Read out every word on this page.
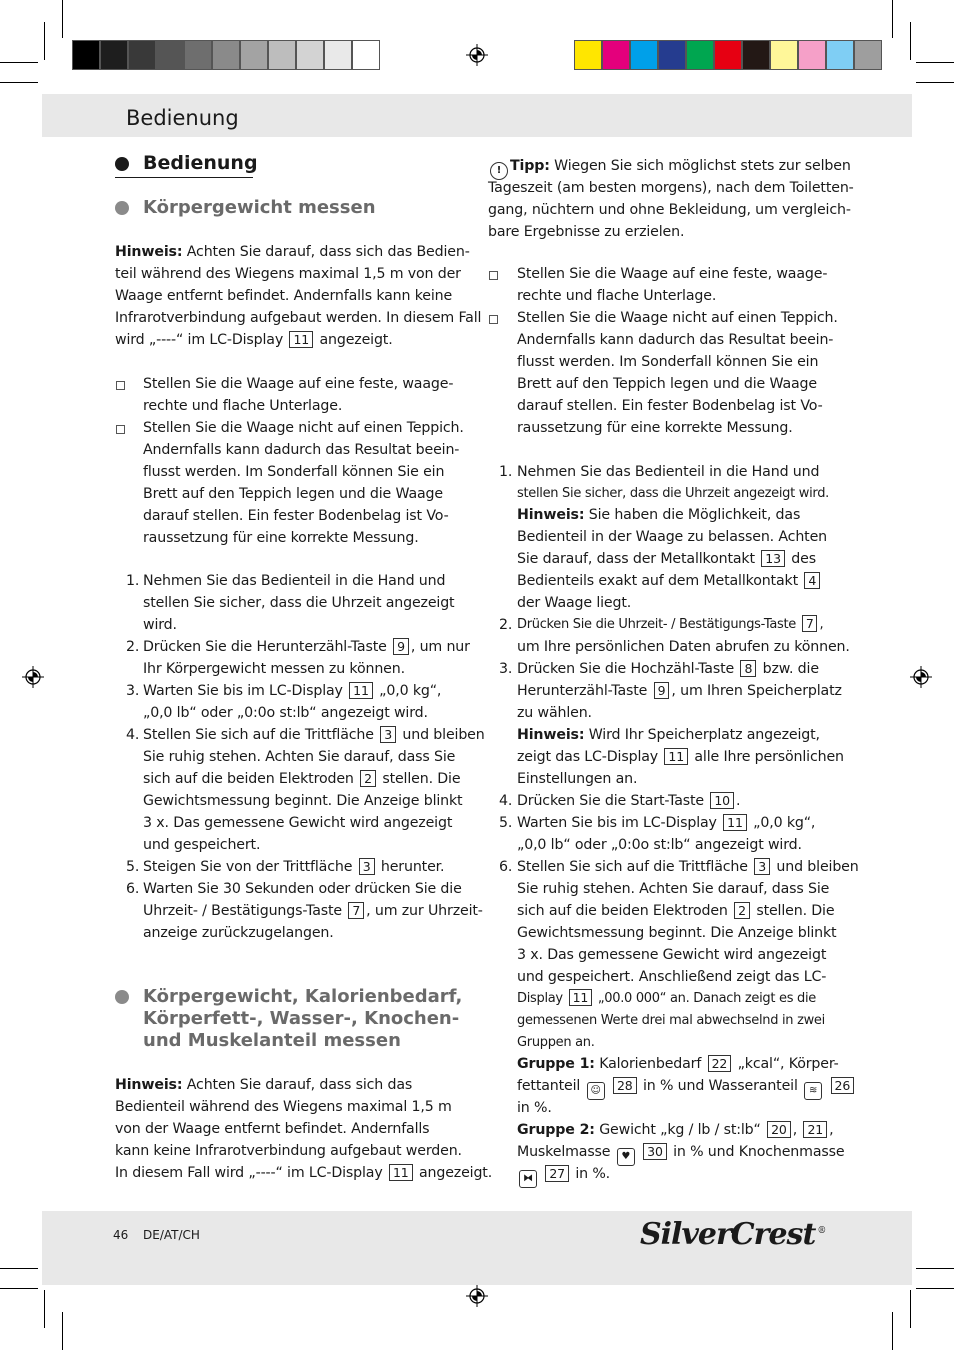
Bedienung
Bedienung
Körpergewicht messen
Hinweis: Achten Sie darauf, dass sich das Bedien-
teil während des Wiegens maximal 1,5 m von der
Waage entfernt befindet. Andernfalls kann keine
Infrarotverbindung aufgebaut werden. In diesem Fall
wird „----“ im LC-Display 11 angezeigt.
Stellen Sie die Waage auf eine feste, waage-
rechte und flache Unterlage.
Stellen Sie die Waage nicht auf einen Teppich.
Andernfalls kann dadurch das Resultat beein-
flusst werden. Im Sonderfall können Sie ein
Brett auf den Teppich legen und die Waage
darauf stellen. Ein fester Bodenbelag ist Vo-
raussetzung für eine korrekte Messung.
1. Nehmen Sie das Bedienteil in die Hand und
stellen Sie sicher, dass die Uhrzeit angezeigt
wird.
2. Drücken Sie die Herunterzähl-Taste 9 , um nur
Ihr Körpergewicht messen zu können.
3. Warten Sie bis im LC-Display 11 „0,0 kg“,
„0,0 lb“ oder „0:0o st:lb“ angezeigt wird.
4. Stellen Sie sich auf die Trittfläche 3 und bleiben
Sie ruhig stehen. Achten Sie darauf, dass Sie
sich auf die beiden Elektroden 2 stellen. Die
Gewichtsmessung beginnt. Die Anzeige blinkt
3 x. Das gemessene Gewicht wird angezeigt
und gespeichert.
5. Steigen Sie von der Trittfläche 3 herunter.
6. Warten Sie 30 Sekunden oder drücken Sie die
Uhrzeit- / Bestätigungs-Taste 7 , um zur Uhrzeit-
anzeige zurückzugelangen.
Körpergewicht, Kalorienbedarf,
Körperfett-, Wasser-, Knochen-
und Muskelanteil messen
Hinweis: Achten Sie darauf, dass sich das
Bedienteil während des Wiegens maximal 1,5 m
von der Waage entfernt befindet. Andernfalls
kann keine Infrarotverbindung aufgebaut werden.
In diesem Fall wird „----“ im LC-Display 11 angezeigt.
! Tipp: Wiegen Sie sich möglichst stets zur selben
Tageszeit (am besten morgens), nach dem Toiletten-
gang, nüchtern und ohne Bekleidung, um vergleich-
bare Ergebnisse zu erzielen.
Stellen Sie die Waage auf eine feste, waage-
rechte und flache Unterlage.
Stellen Sie die Waage nicht auf einen Teppich.
Andernfalls kann dadurch das Resultat beein-
flusst werden. Im Sonderfall können Sie ein
Brett auf den Teppich legen und die Waage
darauf stellen. Ein fester Bodenbelag ist Vo-
raussetzung für eine korrekte Messung.
1. Nehmen Sie das Bedienteil in die Hand und
stellen Sie sicher, dass die Uhrzeit angezeigt wird.
Hinweis: Sie haben die Möglichkeit, das
Bedienteil in der Waage zu belassen. Achten
Sie darauf, dass der Metallkontakt 13 des
Bedienteils exakt auf dem Metallkontakt 4
der Waage liegt.
2. Drücken Sie die Uhrzeit- / Bestätigungs-Taste 7 ,
um Ihre persönlichen Daten abrufen zu können.
3. Drücken Sie die Hochzähl-Taste 8 bzw. die
Herunterzähl-Taste 9 , um Ihren Speicherplatz
zu wählen.
Hinweis: Wird Ihr Speicherplatz angezeigt,
zeigt das LC-Display 11 alle Ihre persönlichen
Einstellungen an.
4. Drücken Sie die Start-Taste 10 .
5. Warten Sie bis im LC-Display 11 „0,0 kg“,
„0,0 lb“ oder „0:0o st:lb“ angezeigt wird.
6. Stellen Sie sich auf die Trittfläche 3 und bleiben
Sie ruhig stehen. Achten Sie darauf, dass Sie
sich auf die beiden Elektroden 2 stellen. Die
Gewichtsmessung beginnt. Die Anzeige blinkt
3 x. Das gemessene Gewicht wird angezeigt
und gespeichert. Anschließend zeigt das LC-
Display 11 „00.0 000“ an. Danach zeigt es die
gemessenen Werte drei mal abwechselnd in zwei
Gruppen an.
Gruppe 1: Kalorienbedarf 22 „kcal“, Körper-
fettanteil ☺ 28 in % und Wasseranteil ≋ 26
in %.
Gruppe 2: Gewicht „kg / lb / st:lb“ 20 , 21 ,
Muskelmasse ♥ 30 in % und Knochenmasse
⧓ 27 in %.
46 DE/AT/CH	SilverCrest ®
